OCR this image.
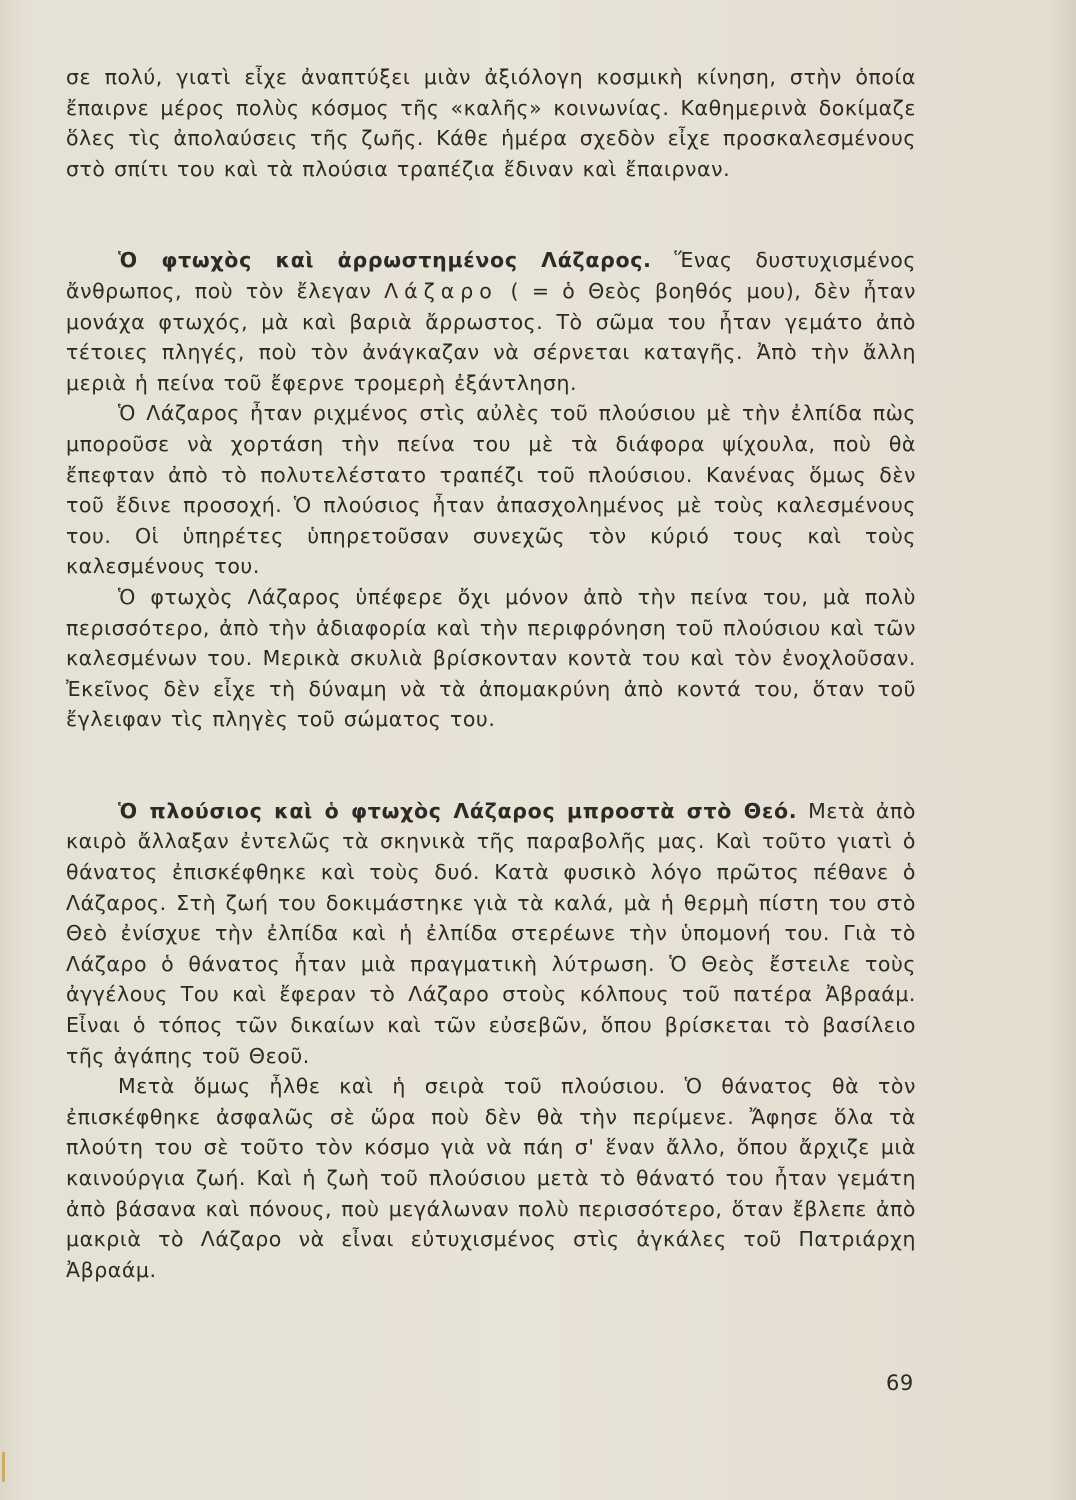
σε πολύ, γιατὶ εἶχε ἀναπτύξει μιὰν ἀξιόλογη κοσμικὴ κίνηση, στὴν ὁποία ἔπαιρνε μέρος πολὺς κόσμος τῆς «καλῆς» κοινωνίας. Καθημερινὰ δοκίμαζε ὅλες τὶς ἀπολαύσεις τῆς ζωῆς. Κάθε ἡμέρα σχεδὸν εἶχε προσκαλεσμένους στὸ σπίτι του καὶ τὰ πλούσια τραπέζια ἔδιναν καὶ ἔπαιρναν.

Ὁ φτωχὸς καὶ ἀρρωστημένος Λάζαρος. Ἕνας δυστυχισμένος ἄνθρωπος, ποὺ τὸν ἔλεγαν Λάζαρο ( = ὁ Θεὸς βοηθός μου), δὲν ἦταν μονάχα φτωχός, μὰ καὶ βαριὰ ἄρρωστος. Τὸ σῶμα του ἦταν γεμάτο ἀπὸ τέτοιες πληγές, ποὺ τὸν ἀνάγκαζαν νὰ σέρνεται καταγῆς. Ἀπὸ τὴν ἄλλη μεριὰ ἡ πείνα τοῦ ἔφερνε τρομερὴ ἐξάντληση.

Ὁ Λάζαρος ἦταν ριχμένος στὶς αὐλὲς τοῦ πλούσιου μὲ τὴν ἐλπίδα πὼς μποροῦσε νὰ χορτάση τὴν πείνα του μὲ τὰ διάφορα ψίχουλα, ποὺ θὰ ἔπεφταν ἀπὸ τὸ πολυτελέστατο τραπέζι τοῦ πλούσιου. Κανένας ὅμως δὲν τοῦ ἔδινε προσοχή. Ὁ πλούσιος ἦταν ἀπασχολημένος μὲ τοὺς καλεσμένους του. Οἱ ὑπηρέτες ὑπηρετοῦσαν συνεχῶς τὸν κύριό τους καὶ τοὺς καλεσμένους του.

Ὁ φτωχὸς Λάζαρος ὑπέφερε ὄχι μόνον ἀπὸ τὴν πείνα του, μὰ πολὺ περισσότερο, ἀπὸ τὴν ἀδιαφορία καὶ τὴν περιφρόνηση τοῦ πλούσιου καὶ τῶν καλεσμένων του. Μερικὰ σκυλιὰ βρίσκονταν κοντὰ του καὶ τὸν ἐνοχλοῦσαν. Ἐκεῖνος δὲν εἶχε τὴ δύναμη νὰ τὰ ἀπομακρύνη ἀπὸ κοντά του, ὅταν τοῦ ἔγλειφαν τὶς πληγὲς τοῦ σώματος του.

Ὁ πλούσιος καὶ ὁ φτωχὸς Λάζαρος μπροστὰ στὸ Θεό. Μετὰ ἀπὸ καιρὸ ἄλλαξαν ἐντελῶς τὰ σκηνικὰ τῆς παραβολῆς μας. Καὶ τοῦτο γιατὶ ὁ θάνατος ἐπισκέφθηκε καὶ τοὺς δυό. Κατὰ φυσικὸ λόγο πρῶτος πέθανε ὁ Λάζαρος. Στὴ ζωή του δοκιμάστηκε γιὰ τὰ καλά, μὰ ἡ θερμὴ πίστη του στὸ Θεὸ ἐνίσχυε τὴν ἐλπίδα καὶ ἡ ἐλπίδα στερέωνε τὴν ὑπομονή του. Γιὰ τὸ Λάζαρο ὁ θάνατος ἦταν μιὰ πραγματικὴ λύτρωση. Ὁ Θεὸς ἔστειλε τοὺς ἀγγέλους Του καὶ ἔφεραν τὸ Λάζαρο στοὺς κόλπους τοῦ πατέρα Ἀβραάμ. Εἶναι ὁ τόπος τῶν δικαίων καὶ τῶν εὐσεβῶν, ὅπου βρίσκεται τὸ βασίλειο τῆς ἀγάπης τοῦ Θεοῦ.

Μετὰ ὅμως ἦλθε καὶ ἡ σειρὰ τοῦ πλούσιου. Ὁ θάνατος θὰ τὸν ἐπισκέφθηκε ἀσφαλῶς σὲ ὥρα ποὺ δὲν θὰ τὴν περίμενε. Ἄφησε ὅλα τὰ πλούτη του σὲ τοῦτο τὸν κόσμο γιὰ νὰ πάη σ' ἕναν ἄλλο, ὅπου ἄρχιζε μιὰ καινούργια ζωή. Καὶ ἡ ζωὴ τοῦ πλούσιου μετὰ τὸ θάνατό του ἦταν γεμάτη ἀπὸ βάσανα καὶ πόνους, ποὺ μεγάλωναν πολὺ περισσότερο, ὅταν ἔβλεπε ἀπὸ μακριὰ τὸ Λάζαρο νὰ εἶναι εὐτυχισμένος στὶς ἀγκάλες τοῦ Πατριάρχη Ἀβραάμ.

69
